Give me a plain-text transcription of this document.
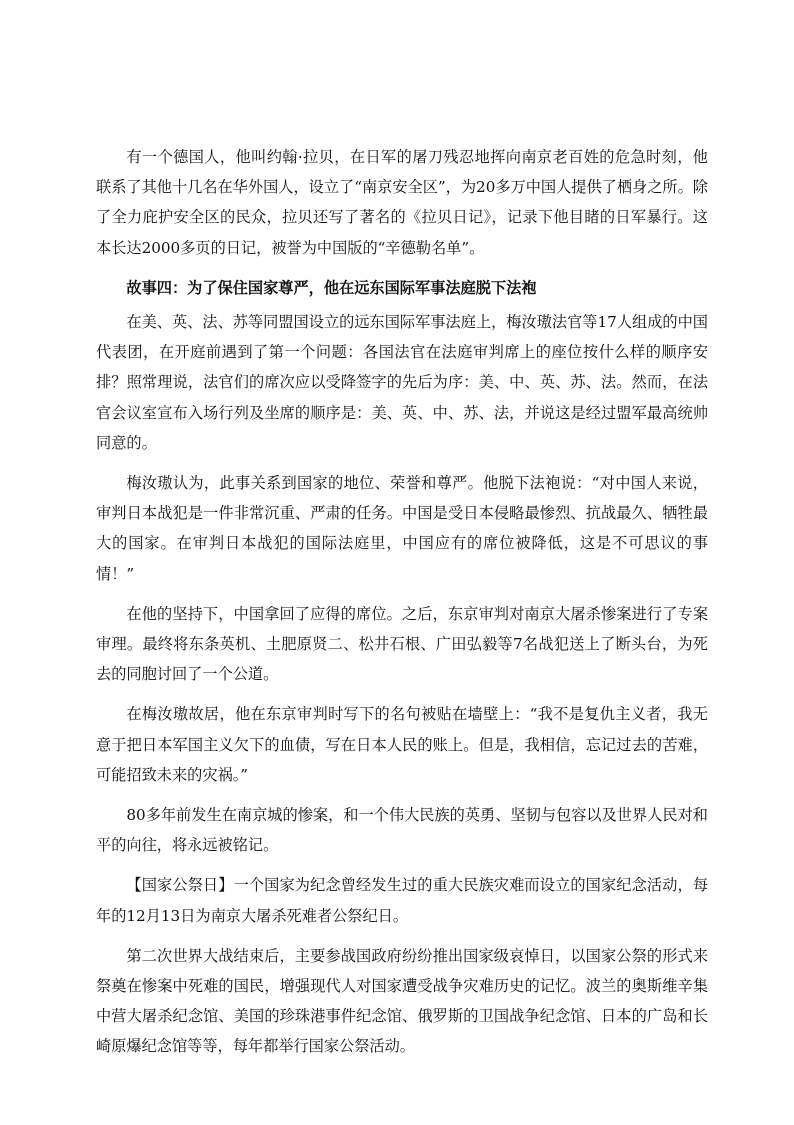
有一个德国人，他叫约翰·拉贝，在日军的屠刀残忍地挥向南京老百姓的危急时刻，他联系了其他十几名在华外国人，设立了“南京安全区”，为20多万中国人提供了栖身之所。除了全力庇护安全区的民众，拉贝还写了著名的《拉贝日记》，记录下他目睹的日军暴行。这本长达2000多页的日记，被誉为中国版的“辛德勒名单”。

故事四：为了保住国家尊严，他在远东国际军事法庭脱下法袍

在美、英、法、苏等同盟国设立的远东国际军事法庭上，梅汝璈法官等17人组成的中国代表团，在开庭前遇到了第一个问题：各国法官在法庭审判席上的座位按什么样的顺序安排？照常理说，法官们的席次应以受降签字的先后为序：美、中、英、苏、法。然而，在法官会议室宣布入场行列及坐席的顺序是：美、英、中、苏、法，并说这是经过盟军最高统帅同意的。

梅汝璈认为，此事关系到国家的地位、荣誉和尊严。他脱下法袍说：“对中国人来说，审判日本战犯是一件非常沉重、严肃的任务。中国是受日本侵略最惨烈、抗战最久、牺牲最大的国家。在审判日本战犯的国际法庭里，中国应有的席位被降低，这是不可思议的事情！”

在他的坚持下，中国拿回了应得的席位。之后，东京审判对南京大屠杀惨案进行了专案审理。最终将东条英机、土肥原贤二、松井石根、广田弘毅等7名战犯送上了断头台，为死去的同胞讨回了一个公道。

在梅汝璈故居，他在东京审判时写下的名句被贴在墙壁上：“我不是复仇主义者，我无意于把日本军国主义欠下的血债，写在日本人民的账上。但是，我相信，忘记过去的苦难，可能招致未来的灾祸。”

80多年前发生在南京城的惨案，和一个伟大民族的英勇、坚韧与包容以及世界人民对和平的向往，将永远被铭记。

【国家公祭日】一个国家为纪念曾经发生过的重大民族灾难而设立的国家纪念活动，每年的12月13日为南京大屠杀死难者公祭纪日。

第二次世界大战结束后，主要参战国政府纷纷推出国家级哀悼日，以国家公祭的形式来祭奠在惨案中死难的国民，增强现代人对国家遭受战争灾难历史的记忆。波兰的奥斯维辛集中营大屠杀纪念馆、美国的珍珠港事件纪念馆、俄罗斯的卫国战争纪念馆、日本的广岛和长崎原爆纪念馆等等，每年都举行国家公祭活动。
